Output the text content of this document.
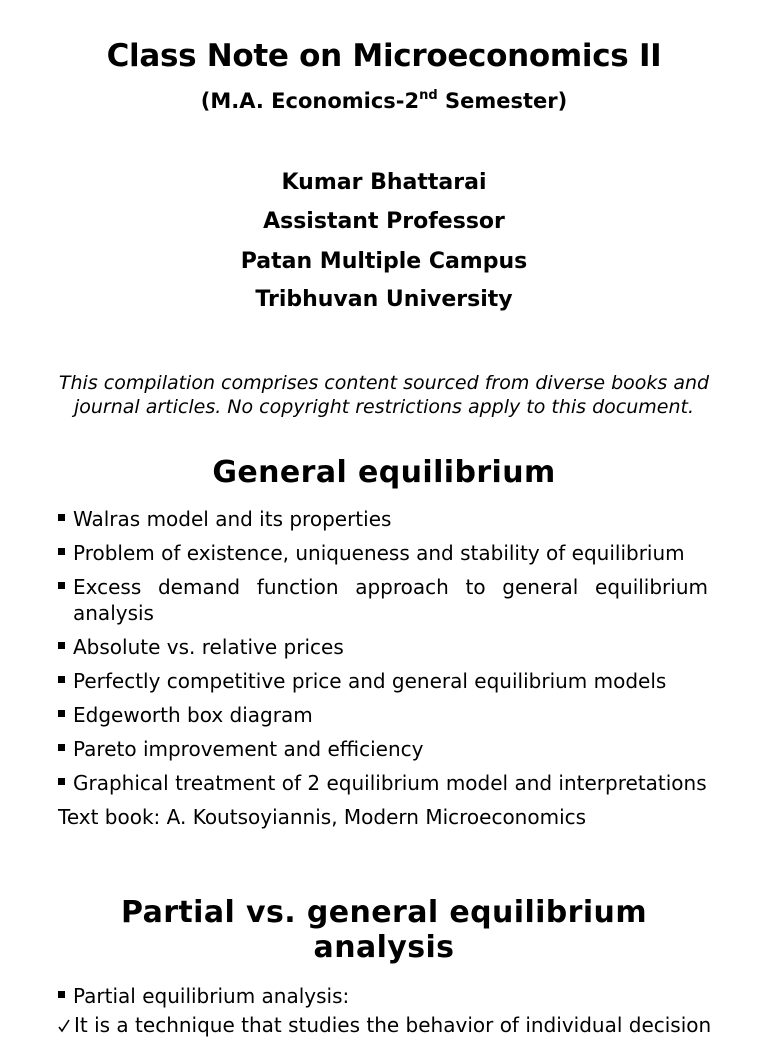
Class Note on Microeconomics II
(M.A. Economics-2nd Semester)
Kumar Bhattarai
Assistant Professor
Patan Multiple Campus
Tribhuvan University
This compilation comprises content sourced from diverse books and
journal articles. No copyright restrictions apply to this document.
General equilibrium
Walras model and its properties
Problem of existence, uniqueness and stability of equilibrium
Excess demand function approach to general equilibrium analysis
Absolute vs. relative prices
Perfectly competitive price and general equilibrium models
Edgeworth box diagram
Pareto improvement and efficiency
Graphical treatment of 2 equilibrium model and interpretations
Text book: A. Koutsoyiannis, Modern Microeconomics
Partial vs. general equilibrium
analysis
Partial equilibrium analysis:
It is a technique that studies the behavior of individual decision
